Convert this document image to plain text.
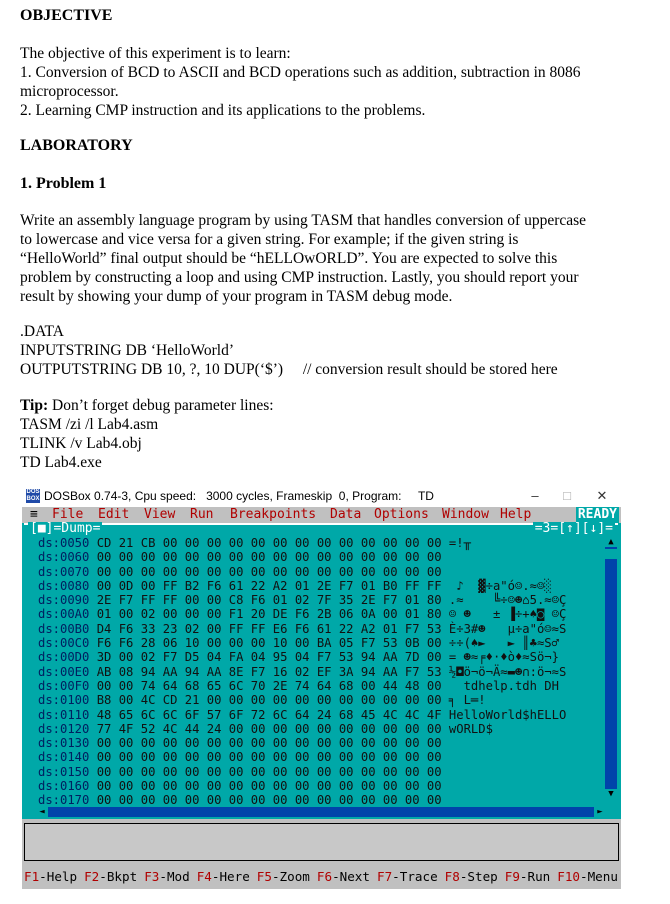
OBJECTIVE

The objective of this experiment is to learn:

1. Conversion of BCD to ASCII and BCD operations such as addition, subtraction in 8086

microprocessor.

2. Learning CMP instruction and its applications to the problems.

LABORATORY

1. Problem 1

Write an assembly language program by using TASM that handles conversion of uppercase

to lowercase and vice versa for a given string. For example; if the given string is

“HelloWorld” final output should be “hELLOwORLD”. You are expected to solve this

problem by constructing a loop and using CMP instruction. Lastly, you should report your

result by showing your dump of your program in TASM debug mode.

.DATA

INPUTSTRING DB ‘HelloWorld’

OUTPUTSTRING DB 10, ?, 10 DUP(‘$’) // conversion result should be stored here

Tip: Don’t forget debug parameter lines:

TASM /zi /l Lab4.asm

TLINK /v Lab4.obj

TD Lab4.exe

DOS BOX DOSBox 0.74-3, Cpu speed:   3000 cycles, Frameskip  0, Program:     TD	–	□	✕
≡ File Edit View Run Breakpoints Data Options Window Help	READY
[■]=Dump=	=3=[↑][↓]=
ds:0050 CD 21 CB 00 00 00 00 00 00 00 00 00 00 00 00 00 =!╥
ds:0060 00 00 00 00 00 00 00 00 00 00 00 00 00 00 00 00
ds:0070 00 00 00 00 00 00 00 00 00 00 00 00 00 00 00 00
ds:0080 00 0D 00 FF B2 F6 61 22 A2 01 2E F7 01 B0 FF FF  ♪  ▓÷a"ó☺.≈☺░
ds:0090 2E F7 FF FF 00 00 C8 F6 01 02 7F 35 2E F7 01 80 .≈    ╚÷☺☻⌂5.≈☺Ç
ds:00A0 01 00 02 00 00 00 F1 20 DE F6 2B 06 0A 00 01 80 ☺ ☻   ± ▐÷+♠◙ ☺Ç
ds:00B0 D4 F6 33 23 02 00 FF FF E6 F6 61 22 A2 01 F7 53 È÷3#☻   µ÷a"ó☺≈S
ds:00C0 F6 F6 28 06 10 00 00 00 10 00 BA 05 F7 53 0B 00 ÷÷(♠►   ► ║♣≈S♂
ds:00D0 3D 00 02 F7 D5 04 FA 04 95 04 F7 53 94 AA 7D 00 = ☻≈╒♦·♦ò♦≈Sö¬}
ds:00E0 AB 08 94 AA 94 AA 8E F7 16 02 EF 3A 94 AA F7 53 ½◘ö¬ö¬Ä≈▬☻∩:ö¬≈S
ds:00F0 00 00 74 64 68 65 6C 70 2E 74 64 68 00 44 48 00   tdhelp.tdh DH
ds:0100 B8 00 4C CD 21 00 00 00 00 00 00 00 00 00 00 00 ╕ L═!
ds:0110 48 65 6C 6C 6F 57 6F 72 6C 64 24 68 45 4C 4C 4F HelloWorld$hELLO
ds:0120 77 4F 52 4C 44 24 00 00 00 00 00 00 00 00 00 00 wORLD$
ds:0130 00 00 00 00 00 00 00 00 00 00 00 00 00 00 00 00
ds:0140 00 00 00 00 00 00 00 00 00 00 00 00 00 00 00 00
ds:0150 00 00 00 00 00 00 00 00 00 00 00 00 00 00 00 00
ds:0160 00 00 00 00 00 00 00 00 00 00 00 00 00 00 00 00
ds:0170 00 00 00 00 00 00 00 00 00 00 00 00 00 00 00 00
▲
▼
◄	►
F1-Help F2-Bkpt F3-Mod F4-Here F5-Zoom F6-Next F7-Trace F8-Step F9-Run F10-Menu
